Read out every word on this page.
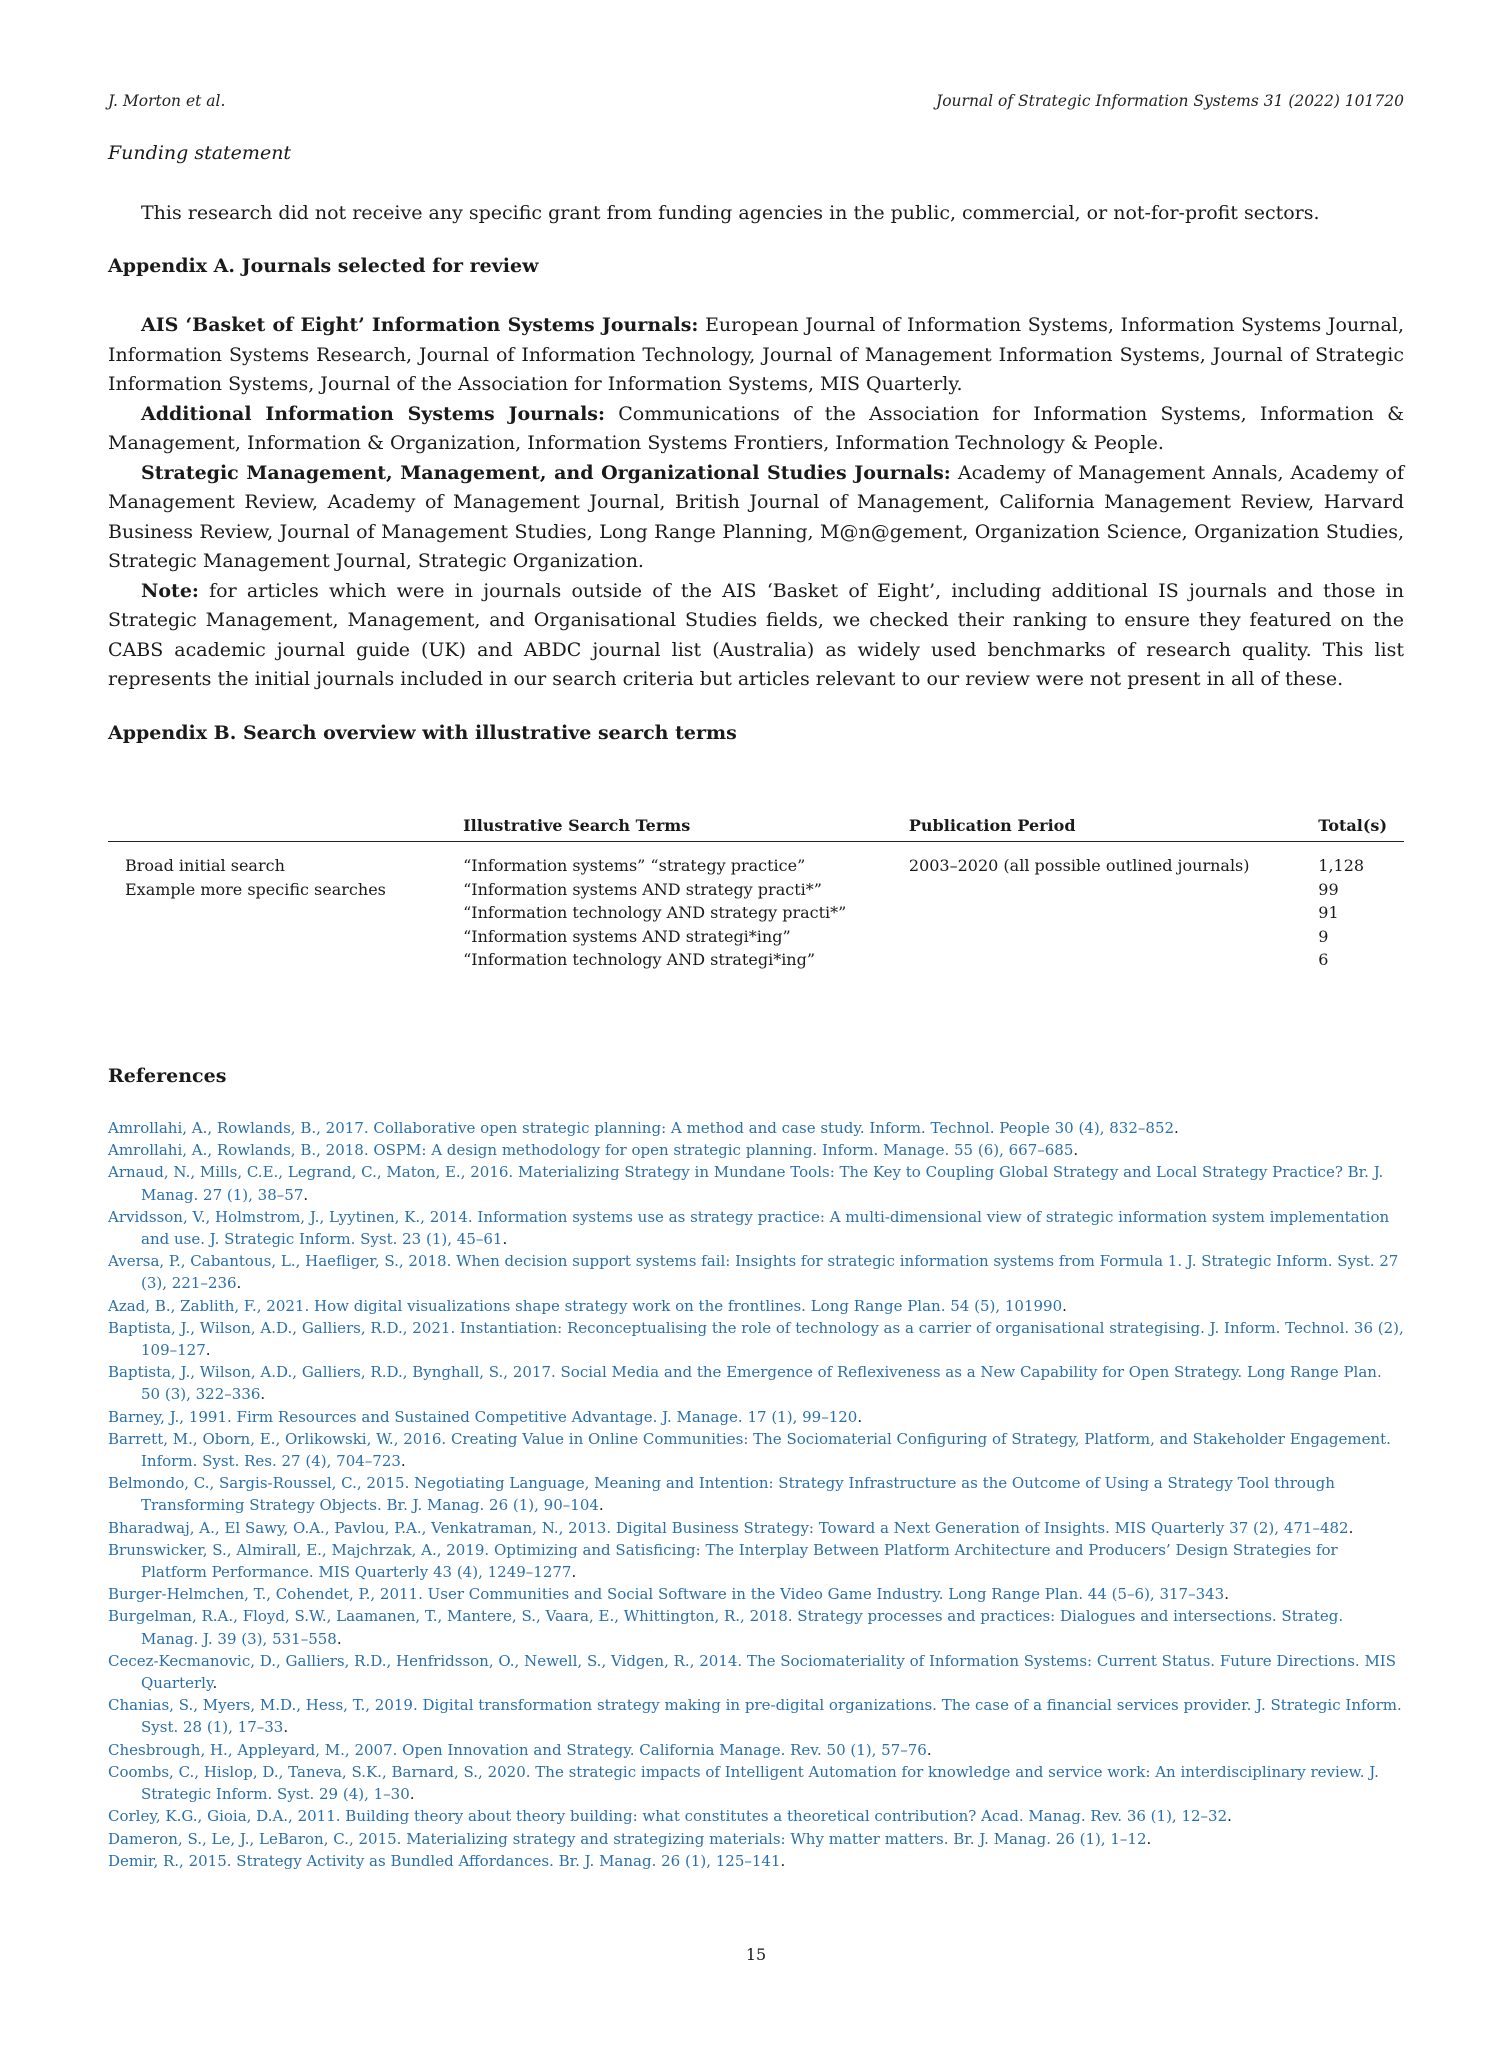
J. Morton et al.	Journal of Strategic Information Systems 31 (2022) 101720
Funding statement
This research did not receive any specific grant from funding agencies in the public, commercial, or not-for-profit sectors.
Appendix A. Journals selected for review

AIS ‘Basket of Eight’ Information Systems Journals: European Journal of Information Systems, Information Systems Journal, Information Systems Research, Journal of Information Technology, Journal of Management Information Systems, Journal of Strategic Information Systems, Journal of the Association for Information Systems, MIS Quarterly.

Additional Information Systems Journals: Communications of the Association for Information Systems, Information & Management, Information & Organization, Information Systems Frontiers, Information Technology & People.

Strategic Management, Management, and Organizational Studies Journals: Academy of Management Annals, Academy of Management Review, Academy of Management Journal, British Journal of Management, California Management Review, Harvard Business Review, Journal of Management Studies, Long Range Planning, M@n@gement, Organization Science, Organization Studies, Strategic Management Journal, Strategic Organization.

Note: for articles which were in journals outside of the AIS ‘Basket of Eight’, including additional IS journals and those in Strategic Management, Management, and Organisational Studies fields, we checked their ranking to ensure they featured on the CABS academic journal guide (UK) and ABDC journal list (Australia) as widely used benchmarks of research quality. This list represents the initial journals included in our search criteria but articles relevant to our review were not present in all of these.

Appendix B. Search overview with illustrative search terms
	Illustrative Search Terms	Publication Period	Total(s)
Broad initial search	“Information systems” “strategy practice”	2003–2020 (all possible outlined journals)	1,128
Example more specific searches	“Information systems AND strategy practi*”		99
	“Information technology AND strategy practi*”		91
	“Information systems AND strategi*ing”		9
	“Information technology AND strategi*ing”		6
References

Amrollahi, A., Rowlands, B., 2017. Collaborative open strategic planning: A method and case study. Inform. Technol. People 30 (4), 832–852.

Amrollahi, A., Rowlands, B., 2018. OSPM: A design methodology for open strategic planning. Inform. Manage. 55 (6), 667–685.

Arnaud, N., Mills, C.E., Legrand, C., Maton, E., 2016. Materializing Strategy in Mundane Tools: The Key to Coupling Global Strategy and Local Strategy Practice? Br. J. Manag. 27 (1), 38–57.

Arvidsson, V., Holmstrom, J., Lyytinen, K., 2014. Information systems use as strategy practice: A multi-dimensional view of strategic information system implementation and use. J. Strategic Inform. Syst. 23 (1), 45–61.

Aversa, P., Cabantous, L., Haefliger, S., 2018. When decision support systems fail: Insights for strategic information systems from Formula 1. J. Strategic Inform. Syst. 27 (3), 221–236.

Azad, B., Zablith, F., 2021. How digital visualizations shape strategy work on the frontlines. Long Range Plan. 54 (5), 101990.

Baptista, J., Wilson, A.D., Galliers, R.D., 2021. Instantiation: Reconceptualising the role of technology as a carrier of organisational strategising. J. Inform. Technol. 36 (2), 109–127.

Baptista, J., Wilson, A.D., Galliers, R.D., Bynghall, S., 2017. Social Media and the Emergence of Reflexiveness as a New Capability for Open Strategy. Long Range Plan. 50 (3), 322–336.

Barney, J., 1991. Firm Resources and Sustained Competitive Advantage. J. Manage. 17 (1), 99–120.

Barrett, M., Oborn, E., Orlikowski, W., 2016. Creating Value in Online Communities: The Sociomaterial Configuring of Strategy, Platform, and Stakeholder Engagement. Inform. Syst. Res. 27 (4), 704–723.

Belmondo, C., Sargis-Roussel, C., 2015. Negotiating Language, Meaning and Intention: Strategy Infrastructure as the Outcome of Using a Strategy Tool through Transforming Strategy Objects. Br. J. Manag. 26 (1), 90–104.

Bharadwaj, A., El Sawy, O.A., Pavlou, P.A., Venkatraman, N., 2013. Digital Business Strategy: Toward a Next Generation of Insights. MIS Quarterly 37 (2), 471–482.

Brunswicker, S., Almirall, E., Majchrzak, A., 2019. Optimizing and Satisficing: The Interplay Between Platform Architecture and Producers’ Design Strategies for Platform Performance. MIS Quarterly 43 (4), 1249–1277.

Burger-Helmchen, T., Cohendet, P., 2011. User Communities and Social Software in the Video Game Industry. Long Range Plan. 44 (5–6), 317–343.

Burgelman, R.A., Floyd, S.W., Laamanen, T., Mantere, S., Vaara, E., Whittington, R., 2018. Strategy processes and practices: Dialogues and intersections. Strateg. Manag. J. 39 (3), 531–558.

Cecez-Kecmanovic, D., Galliers, R.D., Henfridsson, O., Newell, S., Vidgen, R., 2014. The Sociomateriality of Information Systems: Current Status. Future Directions. MIS Quarterly.

Chanias, S., Myers, M.D., Hess, T., 2019. Digital transformation strategy making in pre-digital organizations. The case of a financial services provider. J. Strategic Inform. Syst. 28 (1), 17–33.

Chesbrough, H., Appleyard, M., 2007. Open Innovation and Strategy. California Manage. Rev. 50 (1), 57–76.

Coombs, C., Hislop, D., Taneva, S.K., Barnard, S., 2020. The strategic impacts of Intelligent Automation for knowledge and service work: An interdisciplinary review. J. Strategic Inform. Syst. 29 (4), 1–30.

Corley, K.G., Gioia, D.A., 2011. Building theory about theory building: what constitutes a theoretical contribution? Acad. Manag. Rev. 36 (1), 12–32.

Dameron, S., Le, J., LeBaron, C., 2015. Materializing strategy and strategizing materials: Why matter matters. Br. J. Manag. 26 (1), 1–12.

Demir, R., 2015. Strategy Activity as Bundled Affordances. Br. J. Manag. 26 (1), 125–141.

15
